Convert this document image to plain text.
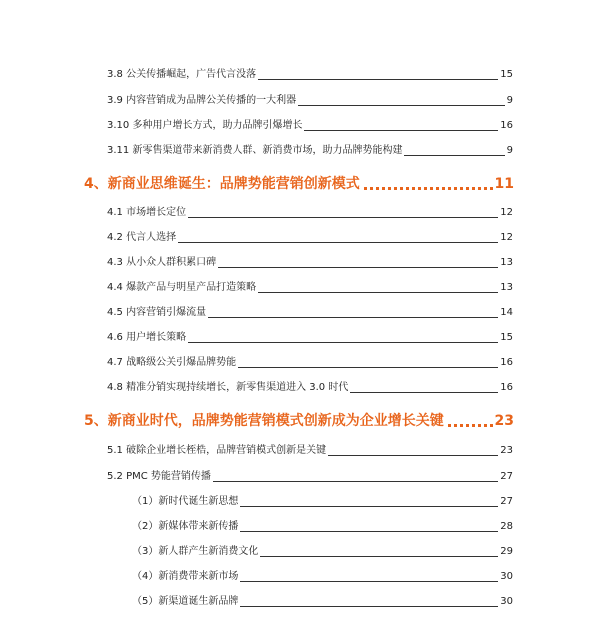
3.8 公关传播崛起，广告代言没落	15
3.9 内容营销成为品牌公关传播的一大利器	9
3.10 多种用户增长方式，助力品牌引爆增长	16
3.11 新零售渠道带来新消费人群、新消费市场，助力品牌势能构建	9
4、新商业思维诞生：品牌势能营销创新模式	11
4.1 市场增长定位	12
4.2 代言人选择	12
4.3 从小众人群积累口碑	13
4.4 爆款产品与明星产品打造策略	13
4.5 内容营销引爆流量	14
4.6 用户增长策略	15
4.7 战略级公关引爆品牌势能	16
4.8 精准分销实现持续增长，新零售渠道进入 3.0 时代	16
5、新商业时代，品牌势能营销模式创新成为企业增长关键	23
5.1 破除企业增长桎梏，品牌营销模式创新是关键	23
5.2 PMC 势能营销传播	27
（1）新时代诞生新思想	27
（2）新媒体带来新传播	28
（3）新人群产生新消费文化	29
（4）新消费带来新市场	30
（5）新渠道诞生新品牌	30
